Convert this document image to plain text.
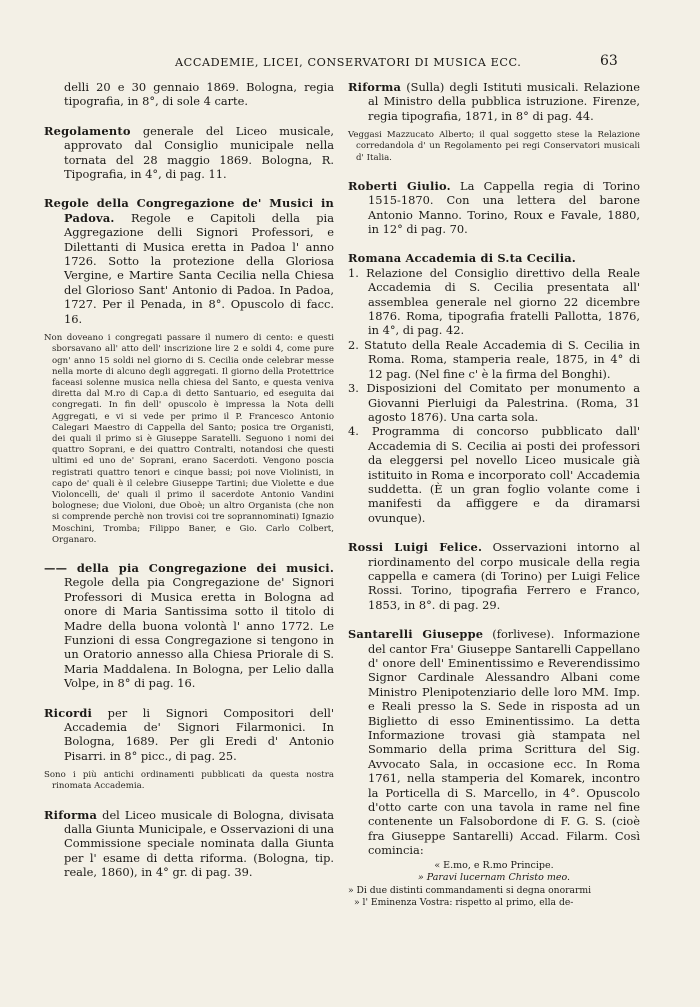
ACCADEMIE, LICEI, CONSERVATORI DI MUSICA ECC.	63

delli 20 e 30 gennaio 1869. Bologna, regia tipografia, in 8°, di sole 4 carte.

Regolamento generale del Liceo musicale, approvato dal Consiglio municipale nella tornata del 28 maggio 1869. Bologna, R. Tipografia, in 4°, di pag. 11.

Regole della Congregazione de' Musici in Padova. Regole e Capitoli della pia Aggregazione delli Signori Professori, e Dilettanti di Musica eretta in Padoa l' anno 1726. Sotto la protezione della Gloriosa Vergine, e Martire Santa Cecilia nella Chiesa del Glorioso Sant' Antonio di Padoa. In Padoa, 1727. Per il Penada, in 8°. Opuscolo di facc. 16.

Non doveano i congregati passare il numero di cento: e questi sborsavano all' atto dell' inscrizione lire 2 e soldi 4, come pure ogn' anno 15 soldi nel giorno di S. Cecilia onde celebrar messe nella morte di alcuno degli aggregati. Il giorno della Protettrice faceasi solenne musica nella chiesa del Santo, e questa veniva diretta dal M.ro di Cap.a di detto Santuario, ed eseguita dai congregati. In fin dell' opuscolo è impressa la Nota delli Aggregati, e vi si vede per primo il P. Francesco Antonio Calegari Maestro di Cappella del Santo; posica tre Organisti, dei quali il primo si è Giuseppe Saratelli. Seguono i nomi dei quattro Soprani, e dei quattro Contralti, notandosi che questi ultimi ed uno de' Soprani, erano Sacerdoti. Vengono poscia registrati quattro tenori e cinque bassi; poi nove Violinisti, in capo de' quali è il celebre Giuseppe Tartini; due Violette e due Violoncelli, de' quali il primo il sacerdote Antonio Vandini bolognese; due Violoni, due Oboè; un altro Organista (che non si comprende perchè non trovisi coi tre soprannominati) Ignazio Moschini, Tromba; Filippo Baner, e Gio. Carlo Colbert, Organaro.

—— della pia Congregazione dei musici. Regole della pia Congregazione de' Signori Professori di Musica eretta in Bologna ad onore di Maria Santissima sotto il titolo di Madre della buona volontà l' anno 1772. Le Funzioni di essa Congregazione si tengono in un Oratorio annesso alla Chiesa Priorale di S. Maria Maddalena. In Bologna, per Lelio dalla Volpe, in 8° di pag. 16.

Ricordi per li Signori Compositori dell' Accademia de' Signori Filarmonici. In Bologna, 1689. Per gli Eredi d' Antonio Pisarri. in 8° picc., di pag. 25.

Sono i più antichi ordinamenti pubblicati da questa nostra rinomata Accademia.

Riforma del Liceo musicale di Bologna, divisata dalla Giunta Municipale, e Osservazioni di una Commissione speciale nominata dalla Giunta per l' esame di detta riforma. (Bologna, tip. reale, 1860), in 4° gr. di pag. 39.

Riforma (Sulla) degli Istituti musicali. Relazione al Ministro della pubblica istruzione. Firenze, regia tipografia, 1871, in 8° di pag. 44.

Veggasi Mazzucato Alberto; il qual soggetto stese la Relazione corredandola d' un Regolamento pei regi Conservatori musicali d' Italia.

Roberti Giulio. La Cappella regia di Torino 1515-1870. Con una lettera del barone Antonio Manno. Torino, Roux e Favale, 1880, in 12° di pag. 70.

Romana Accademia di S.ta Cecilia.
1. Relazione del Consiglio direttivo della Reale Accademia di S. Cecilia presentata all' assemblea generale nel giorno 22 dicembre 1876. Roma, tipografia fratelli Pallotta, 1876, in 4°, di pag. 42.
2. Statuto della Reale Accademia di S. Cecilia in Roma. Roma, stamperia reale, 1875, in 4° di 12 pag. (Nel fine c' è la firma del Bonghi).
3. Disposizioni del Comitato per monumento a Giovanni Pierluigi da Palestrina. (Roma, 31 agosto 1876). Una carta sola.
4. Programma di concorso pubblicato dall' Accademia di S. Cecilia ai posti dei professori da eleggersi pel novello Liceo musicale già istituito in Roma e incorporato coll' Accademia suddetta. (È un gran foglio volante come i manifesti da affiggere e da diramarsi ovunque).

Rossi Luigi Felice. Osservazioni intorno al riordinamento del corpo musicale della regia cappella e camera (di Torino) per Luigi Felice Rossi. Torino, tipografia Ferrero e Franco, 1853, in 8°. di pag. 29.

Santarelli Giuseppe (forlivese). Informazione del cantor Fra' Giuseppe Santarelli Cappellano d' onore dell' Eminentissimo e Reverendissimo Signor Cardinale Alessandro Albani come Ministro Plenipotenziario delle loro MM. Imp. e Reali presso la S. Sede in risposta ad un Biglietto di esso Eminentissimo. La detta Informazione trovasi già stampata nel Sommario della prima Scrittura del Sig. Avvocato Sala, in occasione ecc. In Roma 1761, nella stamperia del Komarek, incontro la Porticella di S. Marcello, in 4°. Opuscolo d'otto carte con una tavola in rame nel fine contenente un Falsobordone di F. G. S. (cioè fra Giuseppe Santarelli) Accad. Filarm. Così comincia:

« E.mo, e R.mo Principe.

» Paravi lucernam Christo meo.

» Di due distinti commandamenti si degna onorarmi

» l' Eminenza Vostra: rispetto al primo, ella de-
